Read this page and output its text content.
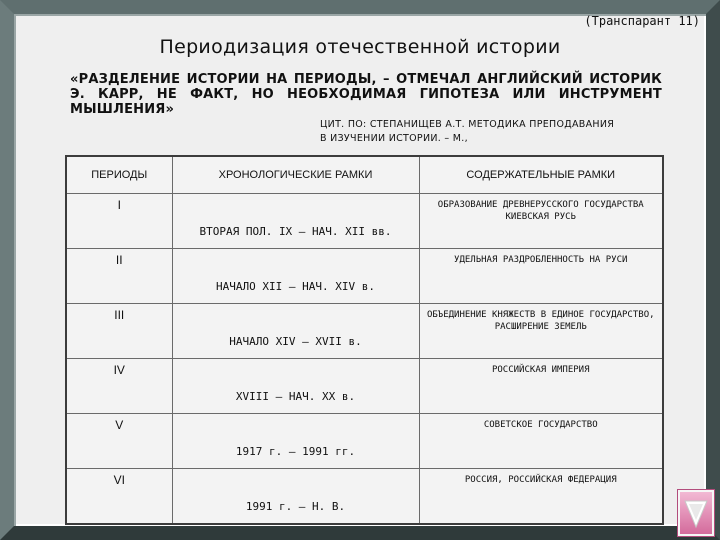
(Транспарант 11)
Периодизация отечественной истории
«РАЗДЕЛЕНИЕ ИСТОРИИ НА ПЕРИОДЫ, – ОТМЕЧАЛ АНГЛИЙСКИЙ ИСТОРИК Э. КАРР, НЕ ФАКТ, НО НЕОБХОДИМАЯ ГИПОТЕЗА ИЛИ ИНСТРУМЕНТ МЫШЛЕНИЯ»
ЦИТ. ПО: СТЕПАНИЩЕВ А.Т. МЕТОДИКА ПРЕПОДАВАНИЯ
В ИЗУЧЕНИИ ИСТОРИИ. – М.,
ПЕРИОДЫ	ХРОНОЛОГИЧЕСКИЕ РАМКИ	СОДЕРЖАТЕЛЬНЫЕ РАМКИ

I	ВТОРАЯ ПОЛ. IX – НАЧ. XII вв.	ОБРАЗОВАНИЕ ДРЕВНЕРУССКОГО ГОСУДАРСТВА КИЕВСКАЯ РУСЬ

II	НАЧАЛО XII – НАЧ. XIV в.	УДЕЛЬНАЯ РАЗДРОБЛЕННОСТЬ НА РУСИ

III	НАЧАЛО XIV – XVII в.	ОБЪЕДИНЕНИЕ КНЯЖЕСТВ В ЕДИНОЕ ГОСУДАРСТВО, РАСШИРЕНИЕ ЗЕМЕЛЬ

IV	XVIII – НАЧ. XX в.	РОССИЙСКАЯ ИМПЕРИЯ

V	1917 г. – 1991 гг.	СОВЕТСКОЕ ГОСУДАРСТВО

VI	1991 г. – Н. В.	РОССИЯ, РОССИЙСКАЯ ФЕДЕРАЦИЯ
